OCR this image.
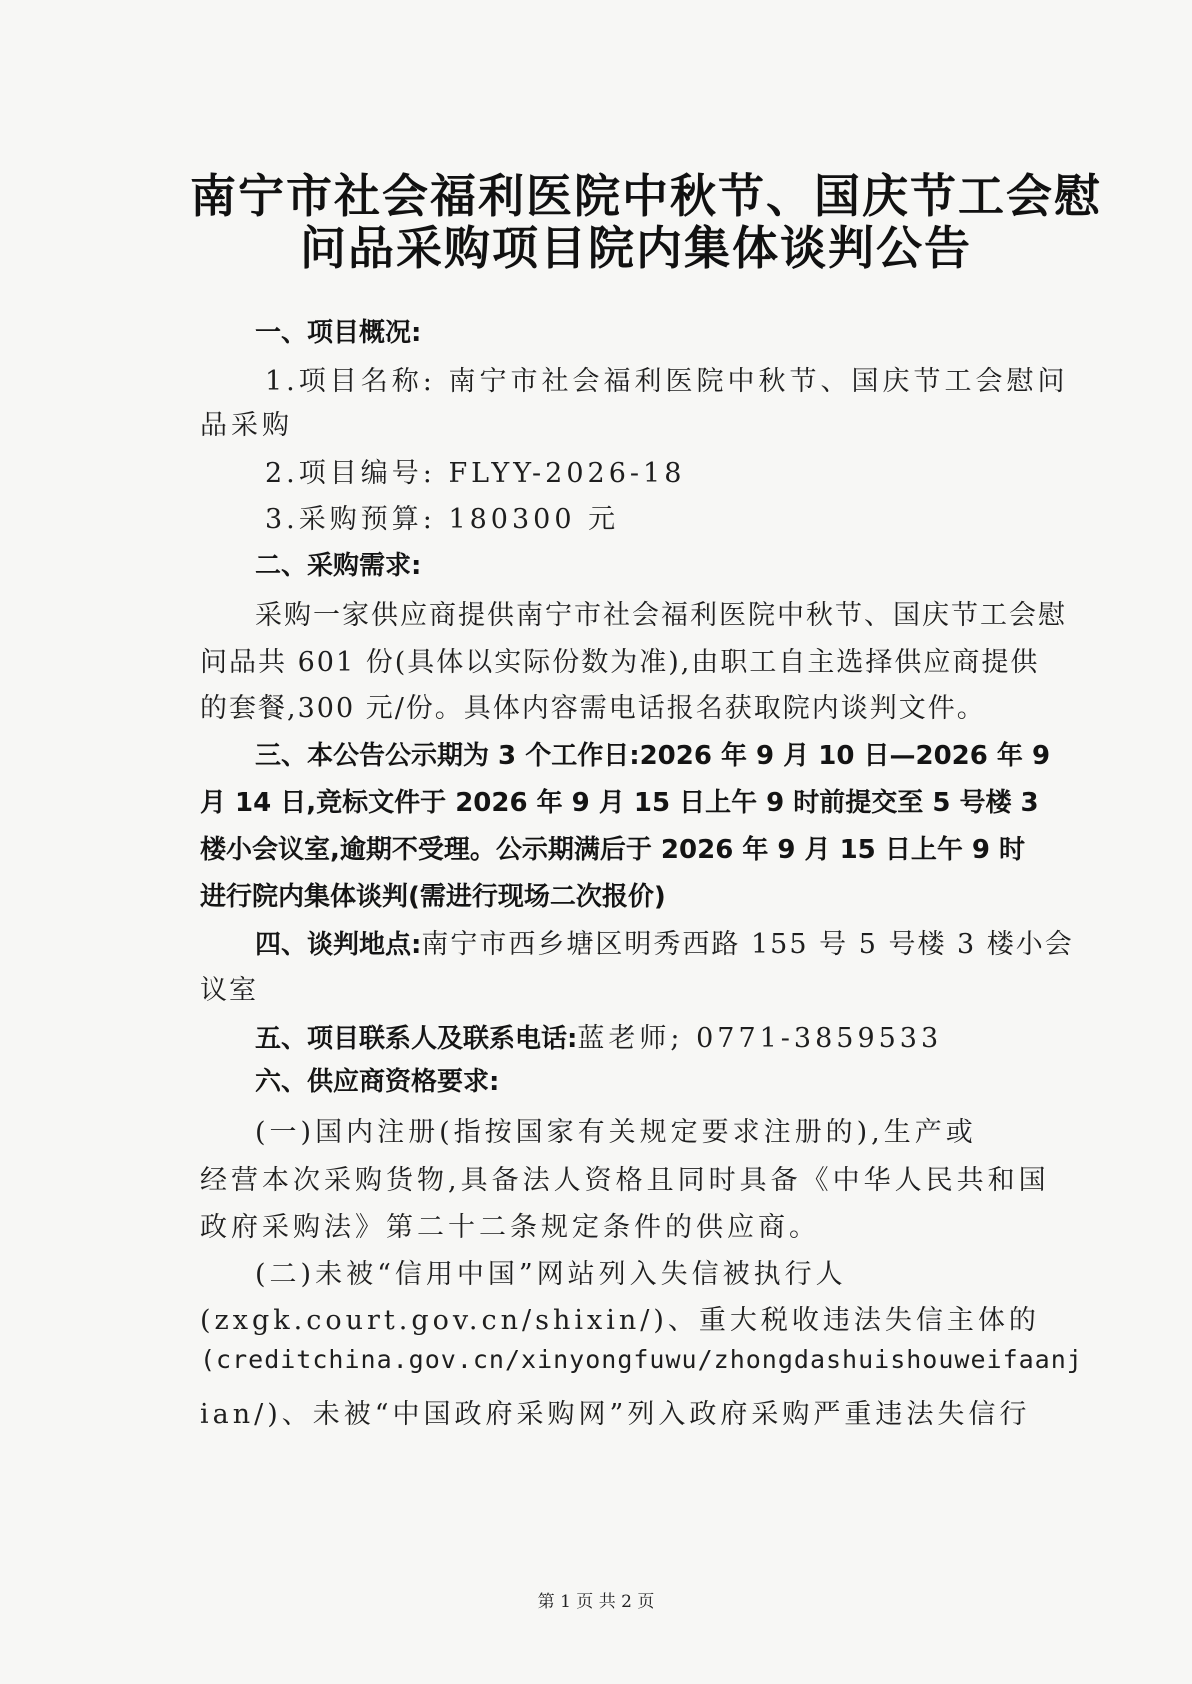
南宁市社会福利医院中秋节、国庆节工会慰
问品采购项目院内集体谈判公告
一、项目概况:
1.项目名称: 南宁市社会福利医院中秋节、国庆节工会慰问
品采购
2.项目编号: FLYY-2026-18
3.采购预算: 180300 元
二、采购需求:
采购一家供应商提供南宁市社会福利医院中秋节、国庆节工会慰
问品共 601 份(具体以实际份数为准),由职工自主选择供应商提供
的套餐,300 元/份。具体内容需电话报名获取院内谈判文件。
三、本公告公示期为 3 个工作日:2026 年 9 月 10 日—2026 年 9
月 14 日,竞标文件于 2026 年 9 月 15 日上午 9 时前提交至 5 号楼 3
楼小会议室,逾期不受理。公示期满后于 2026 年 9 月 15 日上午 9 时
进行院内集体谈判(需进行现场二次报价)
四、谈判地点:南宁市西乡塘区明秀西路 155 号 5 号楼 3 楼小会
议室
五、项目联系人及联系电话:蓝老师; 0771-3859533
六、供应商资格要求:
(一)国内注册(指按国家有关规定要求注册的),生产或
经营本次采购货物,具备法人资格且同时具备《中华人民共和国
政府采购法》第二十二条规定条件的供应商。
(二)未被“信用中国”网站列入失信被执行人
(zxgk.court.gov.cn/shixin/)、重大税收违法失信主体的
(creditchina.gov.cn/xinyongfuwu/zhongdashuishouweifaanj
ian/)、未被“中国政府采购网”列入政府采购严重违法失信行
第 1 页 共 2 页
